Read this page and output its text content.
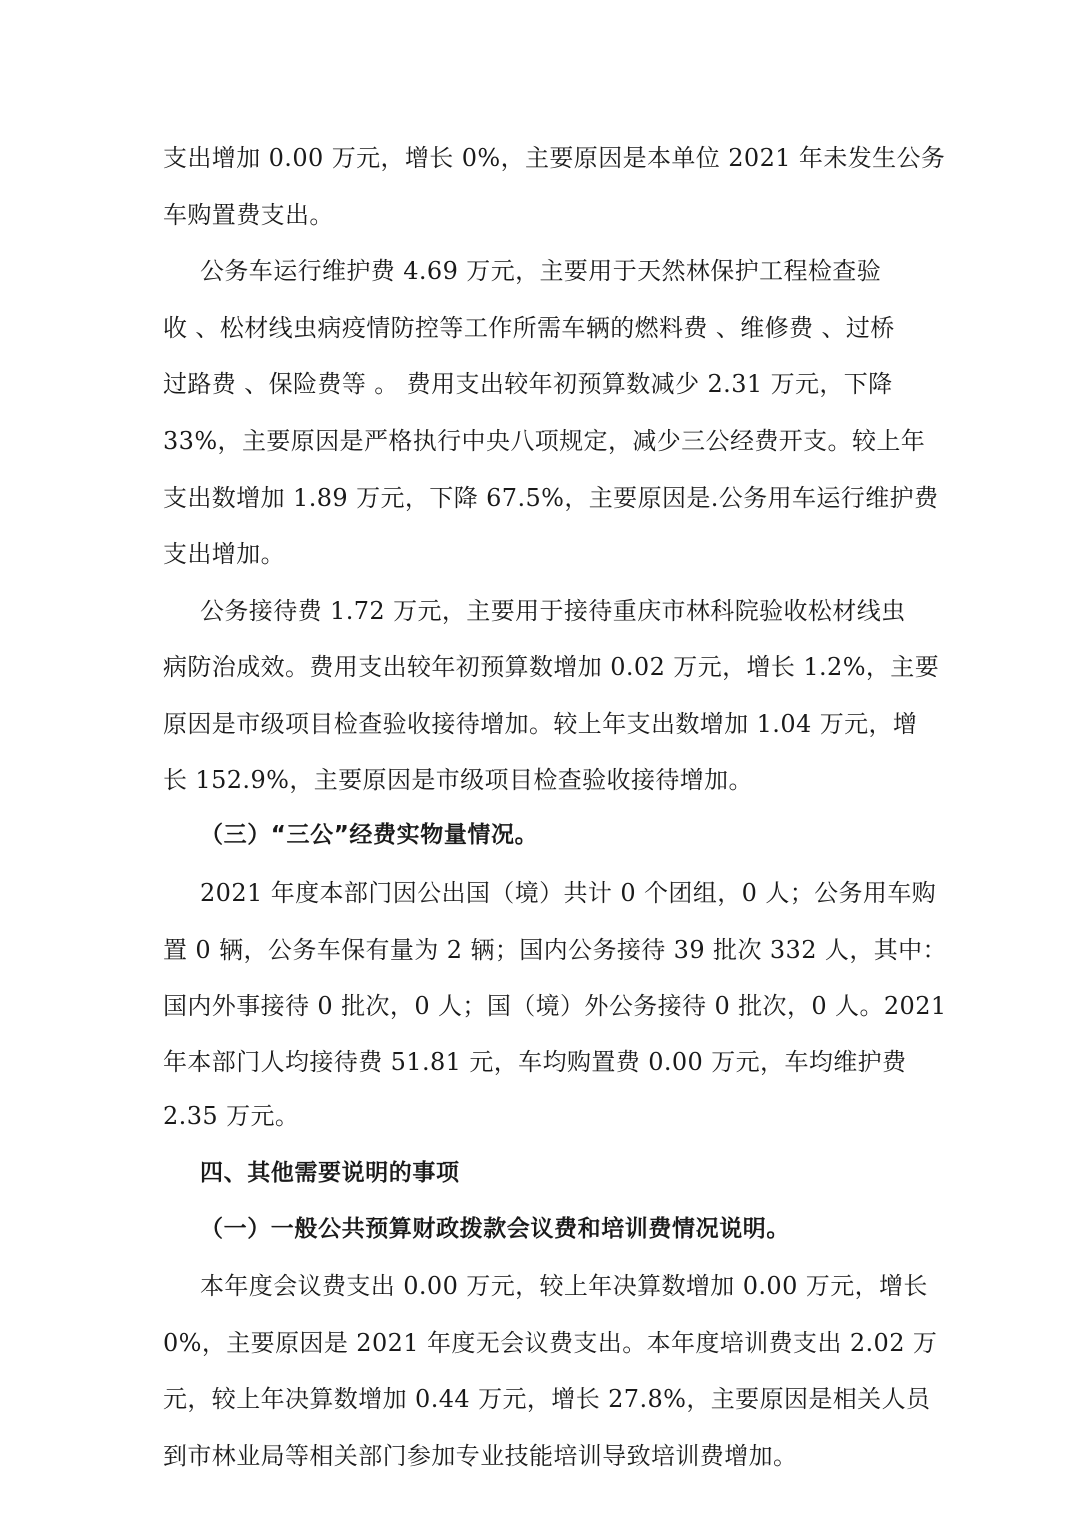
支出增加 0.00 万元，增长 0%，主要原因是本单位 2021 年未发生公务
车购置费支出。
公务车运行维护费 4.69 万元，主要用于天然林保护工程检查验
收 、松材线虫病疫情防控等工作所需车辆的燃料费 、维修费 、过桥
过路费 、保险费等 。 费用支出较年初预算数减少 2.31 万元，下降
33%，主要原因是严格执行中央八项规定，减少三公经费开支。较上年
支出数增加 1.89 万元，下降 67.5%，主要原因是.公务用车运行维护费
支出增加。
公务接待费 1.72 万元，主要用于接待重庆市林科院验收松材线虫
病防治成效。费用支出较年初预算数增加 0.02 万元，增长 1.2%，主要
原因是市级项目检查验收接待增加。较上年支出数增加 1.04 万元，增
长 152.9%，主要原因是市级项目检查验收接待增加。
（三）“三公”经费实物量情况。
2021 年度本部门因公出国（境）共计 0 个团组，0 人；公务用车购
置 0 辆，公务车保有量为 2 辆；国内公务接待 39 批次 332 人，其中：
国内外事接待 0 批次，0 人；国（境）外公务接待 0 批次，0 人。2021
年本部门人均接待费 51.81 元，车均购置费 0.00 万元，车均维护费
2.35 万元。
四、其他需要说明的事项
（一）一般公共预算财政拨款会议费和培训费情况说明。
本年度会议费支出 0.00 万元，较上年决算数增加 0.00 万元，增长
0%，主要原因是 2021 年度无会议费支出。本年度培训费支出 2.02 万
元，较上年决算数增加 0.44 万元，增长 27.8%，主要原因是相关人员
到市林业局等相关部门参加专业技能培训导致培训费增加。
